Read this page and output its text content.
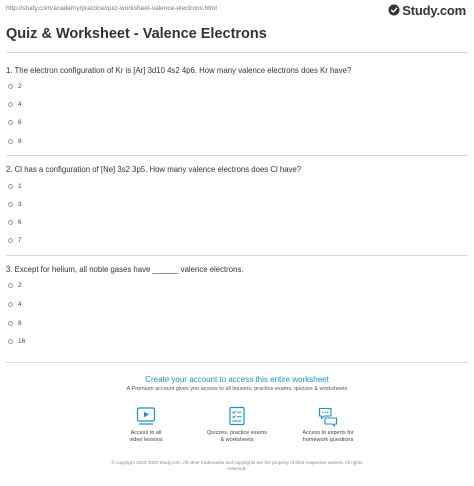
http://study.com/academy/practice/quiz-worksheet-valence-electrons.html	Study.com
Quiz & Worksheet - Valence Electrons
1. The electron configuration of Kr is [Ar] 3d10 4s2 4p6. How many valence electrons does Kr have?
2
4
6
8
2. Cl has a configuration of [Ne] 3s2 3p5. How many valence electrons does Cl have?
1
3
6
7
3. Except for helium, all noble gases have ______ valence electrons.
2
4
8
16
Create your account to access this entire worksheet
A Premium account gives you access to all lessons, practice exams, quizzes & worksheets
Access to all
video lessons
Quizzes, practice exams
& worksheets
Access to experts for
homework questions
© copyright 2003-2020 Study.com. All other trademarks and copyrights are the property of their respective owners. All rights
reserved.
